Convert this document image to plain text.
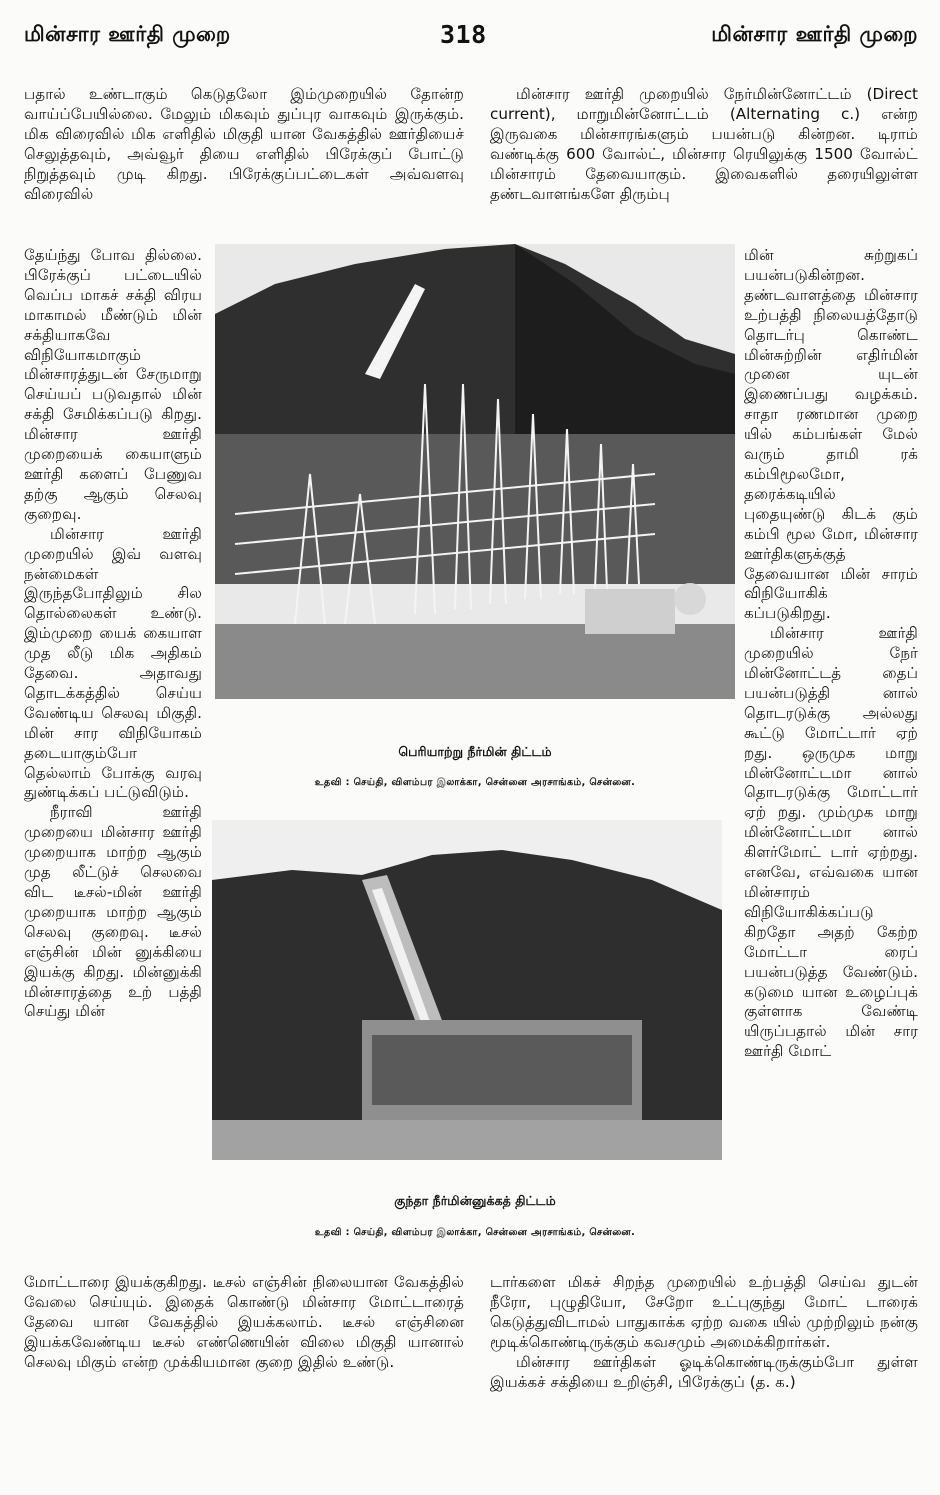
மின்சார ஊர்தி முறை	318	மின்சார ஊர்தி முறை

பதால் உண்டாகும் கெடுதலோ இம்முறையில் தோன்ற வாய்ப்பேயில்லை. மேலும் மிகவும் துப்புர வாகவும் இருக்கும். மிக விரைவில் மிக எளிதில் மிகுதி யான வேகத்தில் ஊர்தியைச் செலுத்தவும், அவ்வூர் தியை எளிதில் பிரேக்குப் போட்டு நிறுத்தவும் முடி கிறது. பிரேக்குப்பட்டைகள் அவ்வளவு விரைவில்

தேய்ந்து போவ தில்லை. பிரேக்குப் பட்டையில் வெப்ப மாகச் சக்தி விரய மாகாமல் மீண்டும் மின் சக்தியாகவே விநியோகமாகும் மின்சாரத்துடன் சேருமாறு செய்யப் படுவதால் மின் சக்தி சேமிக்கப்படு கிறது. மின்சார ஊர்தி முறையைக் கையாளும் ஊர்தி களைப் பேணுவ தற்கு ஆகும் செலவு குறைவு.

மின்சார ஊர்தி முறையில் இவ் வளவு நன்மைகள் இருந்தபோதிலும் சில தொல்லைகள் உண்டு. இம்முறை யைக் கையாள முத லீடு மிக அதிகம் தேவை. அதாவது தொடக்கத்தில் செய்ய வேண்டிய செலவு மிகுதி. மின் சார விநியோகம் தடையாகும்போ தெல்லாம் போக்கு வரவு துண்டிக்கப் பட்டுவிடும்.

நீராவி ஊர்தி முறையை மின்சார ஊர்தி முறையாக மாற்ற ஆகும் முத லீட்டுச் செலவை விட டீசல்-மின் ஊர்தி முறையாக மாற்ற ஆகும் செலவு குறைவு. டீசல் எஞ்சின் மின் னுக்கியை இயக்கு கிறது. மின்னுக்கி மின்சாரத்தை உற் பத்தி செய்து மின்

மோட்டாரை இயக்குகிறது. டீசல் எஞ்சின் நிலையான வேகத்தில் வேலை செய்யும். இதைக் கொண்டு மின்சார மோட்டாரைத் தேவை யான வேகத்தில் இயக்கலாம். டீசல் எஞ்சினை இயக்கவேண்டிய டீசல் எண்ணெயின் விலை மிகுதி யானால் செலவு மிகும் என்ற முக்கியமான குறை இதில் உண்டு.

மின்சார ஊர்தி முறையில் நேர்மின்னோட்டம் (Direct current), மாறுமின்னோட்டம் (Alternating c.) என்ற இருவகை மின்சாரங்களும் பயன்படு கின்றன. டிராம் வண்டிக்கு 600 வோல்ட், மின்சார ரெயிலுக்கு 1500 வோல்ட் மின்சாரம் தேவையாகும். இவைகளில் தரையிலுள்ள தண்டவாளங்களே திரும்பு

மின் சுற்றுகப் பயன்படுகின்றன. தண்டவாளத்தை மின்சார உற்பத்தி நிலையத்தோடு தொடர்பு கொண்ட மின்சுற்றின் எதிர்மின் முனை யுடன் இணைப்பது வழக்கம். சாதா ரணமான முறை யில் கம்பங்கள் மேல் வரும் தாமி ரக் கம்பிமூலமோ, தரைக்கடியில் புதையுண்டு கிடக் கும் கம்பி மூல மோ, மின்சார ஊர்திகளுக்குத் தேவையான மின் சாரம் விநியோகிக் கப்படுகிறது.

மின்சார ஊர்தி முறையில் நேர் மின்னோட்டத் தைப் பயன்படுத்தி னால் தொடரடுக்கு அல்லது கூட்டு மோட்டார் ஏற் றது. ஒருமுக மாறு மின்னோட்டமா னால் தொடரடுக்கு மோட்டார் ஏற் றது. மும்முக மாறு மின்னோட்டமா னால் கிளர்மோட் டார் ஏற்றது. எனவே, எவ்வகை யான மின்சாரம் விநியோகிக்கப்படு கிறதோ அதற் கேற்ற மோட்டா ரைப் பயன்படுத்த வேண்டும். கடுமை யான உழைப்புக் குள்ளாக வேண்டி யிருப்பதால் மின் சார ஊர்தி மோட்

டார்களை மிகச் சிறந்த முறையில் உற்பத்தி செய்வ துடன் நீரோ, புழுதியோ, சேறோ உட்புகுந்து மோட் டாரைக் கெடுத்துவிடாமல் பாதுகாக்க ஏற்ற வகை யில் முற்றிலும் நன்கு மூடிக்கொண்டிருக்கும் கவசமும் அமைக்கிறார்கள்.

மின்சார ஊர்திகள் ஓடிக்கொண்டிருக்கும்போ துள்ள இயக்கச் சக்தியை உறிஞ்சி, பிரேக்குப் (த. க.)

பெரியாற்று நீர்மின் திட்டம்
உதவி : செய்தி, விளம்பர இலாக்கா, சென்னை அரசாங்கம், சென்னை.
குந்தா நீர்மின்னுக்கத் திட்டம்
உதவி : செய்தி, விளம்பர இலாக்கா, சென்னை அரசாங்கம், சென்னை.
